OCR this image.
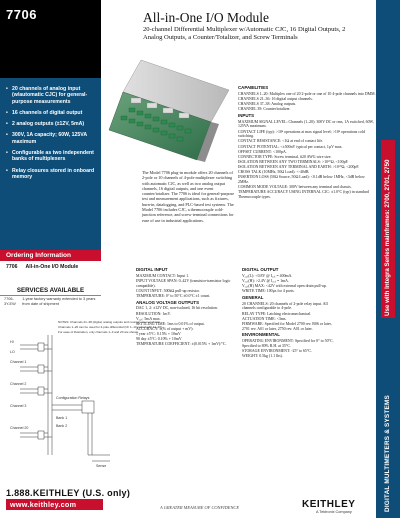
7706	All-in-One I/O Module
20-channel Differential Multiplexer w/Automatic CJC, 16 Digital Outputs, 2 Analog Outputs, a Counter/Totalizer, and Screw Terminals
• 20 channels of analog input (w/automatic CJC) for general-purpose measurements
• 16 channels of digital output
• 2 analog outputs (±12V, 5mA)
• 300V, 1A capacity; 60W, 125VA maximum
• Configurable as two independent banks of multiplexers
• Relay closures stored in onboard memory
Ordering Information
7706 All-in-One I/O Module
SERVICES AVAILABLE
7706-3Y-EW
1-year factory warranty extended to 3 years from date of shipment
CAPABILITIES
CHANNELS 1–20: Multiplex one of 20 2-pole or one of 10 4-pole channels into DMM.
CHANNELS 21–36: 16 digital output channels.
CHANNELS 37–38: Analog outputs.
CHANNEL 39: Counter/totalizer.
INPUTS
MAXIMUM SIGNAL LEVEL: Channels (1–20): 300V DC or rms, 1A switched, 60W, 125VA maximum.
CONTACT LIFE (typ): >10⁸ operations at max signal level; >10⁸ operations cold switching.
CONTACT RESISTANCE: <1Ω at end of contact life.
CONTACT POTENTIAL: <±500nV typical per contact, 1µV max.
OFFSET CURRENT: <100pA.
CONNECTOR TYPE: Screw terminal, #20 AWG wire size.
ISOLATION BETWEEN ANY TWO TERMINALS: >10¹⁰Ω, <100pF.
ISOLATION BETWEEN ANY TERMINAL AND EARTH: >10¹⁰Ω, <200pF.
CROSS TALK (10MHz, 50Ω Load): <-40dB.
INSERTION LOSS (50Ω Source, 50Ω Load): <0.1dB below 1MHz, <3dB below 2MHz.
COMMON MODE VOLTAGE: 300V between any terminal and chassis.
TEMPERATURE ACCURACY USING INTERNAL CJC: ±1.0°C (typ) in standard Thermocouple types.
The Model 7706 plug-in module offers 20 channels of 2-pole or 10 channels of 4-pole multiplexer switching with automatic CJC, as well as two analog output channels, 16 digital outputs, and one event counter/totalizer. The 7706 is ideal for general-purpose test and measurement applications, such as fixtures, burn-in, datalogging, and PLC-based test systems. The Model 7706 includes CJC, a thermocouple cold-junction reference, and screw-terminal connections for ease of use in industrial applications.
DIGITAL INPUT
MAXIMUM CONTACT: Input 1.
INPUT VOLTAGE SPAN: 0–42V (transistor-transistor logic compatible).
COUNT INPUT: 500kΩ pull-up resistor.
TEMPERATURE: 0° to 50°C ±0.0°C ±1 count.
ANALOG VOLTAGE OUTPUTS
DAC 1, 2: ±12V DC, non-isolated, 16 bit resolution.
RESOLUTION: 1mV.
Vₒᵤₜ: 5mA max.
SETTLING TIME: 1ms to 0.01% of output.
ACCURACY: ±(% of output + mV):
1 year ±5°C: 0.15% + 10mV
90 day ±5°C: 0.10% + 10mV
TEMPERATURE COEFFICIENT: ±(0.015% + 1mV)/°C.
DIGITAL OUTPUT
Vₒᵤₜ(L): <0.8V @ Iₒᵤₜ = 400mA.
Vₒᵤₜ(H): >2.4V @ Iₒᵤₜ = 1mA.
Vₒᵤₜ(H) MAX: <42V with external open drain pull-up.
WRITE TIME: 100µs for 4 ports.
GENERAL
20 CHANNELS: 20 channels of 2-pole relay input. All channels configurable to 4-pole.
RELAY TYPE: Latching electromechanical.
ACTUATION TIME: <3ms.
FIRMWARE: Specified for Model 2700 rev. B06 or later, 2701 rev. A01 or later, 2750 rev. A01 or later.
ENVIRONMENTAL
OPERATING ENVIRONMENT: Specified for 0° to 50°C. Specified to 80% R.H. at 35°C.
STORAGE ENVIRONMENT: -25° to 65°C.
WEIGHT: 0.5kg (1.1 lbs).
HI
LO
Channel 1
Channel 2
Channel 3
Channel 20
Configuration Relays
Bank 1
Bank 2
Sense
NOTES: Channels 21–38 (digital, analog outputs and counter) are not shown.
Channels 1–20 can be used for 4-pole differential (Ch 1–10 paired with 11–20).
For ease of illustration, only channels 1–3 and 20 are shown.
Use with Integra Series mainframes: 2700, 2701, 2750
DIGITAL MULTIMETERS & SYSTEMS
1.888.KEITHLEY (U.S. only)
www.keithley.com	A GREATER MEASURE OF CONFIDENCE	KEITHLEY
A Tektronix Company
